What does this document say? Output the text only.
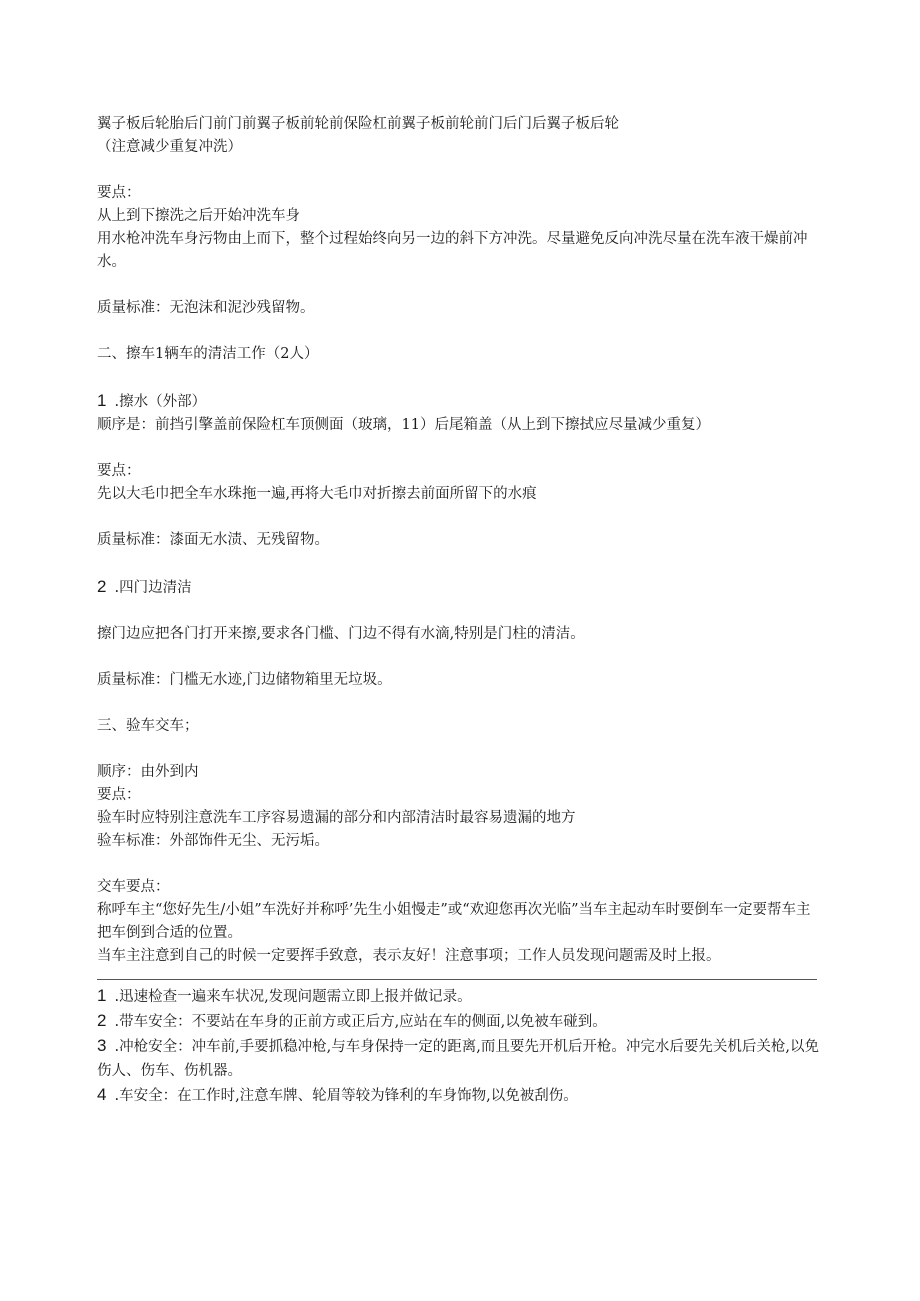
翼子板后轮胎后门前门前翼子板前轮前保险杠前翼子板前轮前门后门后翼子板后轮
（注意减少重复冲洗）
要点：
从上到下擦洗之后开始冲洗车身
用水枪冲洗车身污物由上而下，整个过程始终向另一边的斜下方冲洗。尽量避免反向冲洗尽量在洗车液干燥前冲水。
质量标准：无泡沫和泥沙残留物。
二、擦车1辆车的清洁工作（2人）
1 .擦水（外部）
顺序是：前挡引擎盖前保险杠车顶侧面（玻璃，11）后尾箱盖（从上到下擦拭应尽量减少重复）
要点：
先以大毛巾把全车水珠拖一遍,再将大毛巾对折擦去前面所留下的水痕
质量标准：漆面无水渍、无残留物。
2 .四门边清洁
擦门边应把各门打开来擦,要求各门槛、门边不得有水滴,特别是门柱的清洁。
质量标准：门槛无水迹,门边储物箱里无垃圾。
三、验车交车；
顺序：由外到内
要点：
验车时应特别注意洗车工序容易遗漏的部分和内部清洁时最容易遗漏的地方
验车标准：外部饰件无尘、无污垢。
交车要点：
称呼车主“您好先生/小姐”车洗好并称呼’先生小姐慢走”或“欢迎您再次光临”当车主起动车时要倒车一定要帮车主把车倒到合适的位置。
当车主注意到自己的时候一定要挥手致意，表示友好！注意事项；工作人员发现问题需及时上报。
1 .迅速检查一遍来车状况,发现问题需立即上报并做记录。
2 .带车安全：不要站在车身的正前方或正后方,应站在车的侧面,以免被车碰到。
3 .冲枪安全：冲车前,手要抓稳冲枪,与车身保持一定的距离,而且要先开机后开枪。冲完水后要先关机后关枪,以免伤人、伤车、伤机器。
4 .车安全：在工作时,注意车牌、轮眉等较为锋利的车身饰物,以免被刮伤。
